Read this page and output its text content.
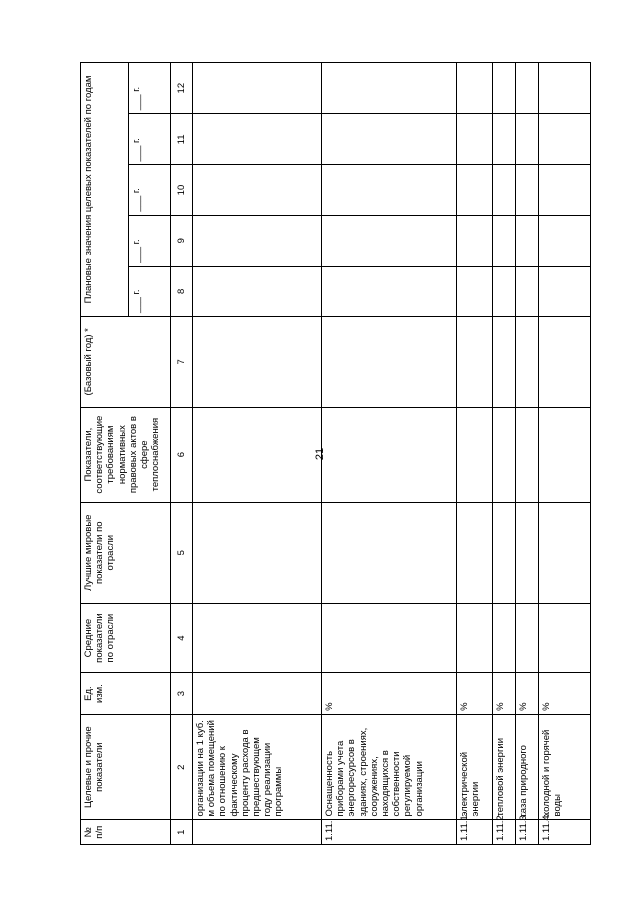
21
№ п/п	Целевые и прочие показатели	Ед. изм.	Средние показатели по отрасли	Лучшие мировые показатели по отрасли	Показатели, соответствующие требованиям нормативных правовых актов в сфере теплоснабжения	(Базовый год) *	Плановые значения целевых показателей по годам				
							___ г.	___ г.	___ г.	___ г.	___ г.
1	2	3	4	5	6	7	8	9	10	11	12
	организации на 1 куб. м объема помещений по отношению к фактическому проценту расхода в предшествующем году реализации программы										
1.11.	Оснащенность приборами учета энергоресурсов в зданиях, строениях, сооружениях, находящихся в собственности регулируемой организации	%									
1.11.1.	электрической энергии	%									
1.11.2.	тепловой энергии	%									
1.11.3.	газа природного	%									
1.11.4.	холодной и горячей воды	%									
